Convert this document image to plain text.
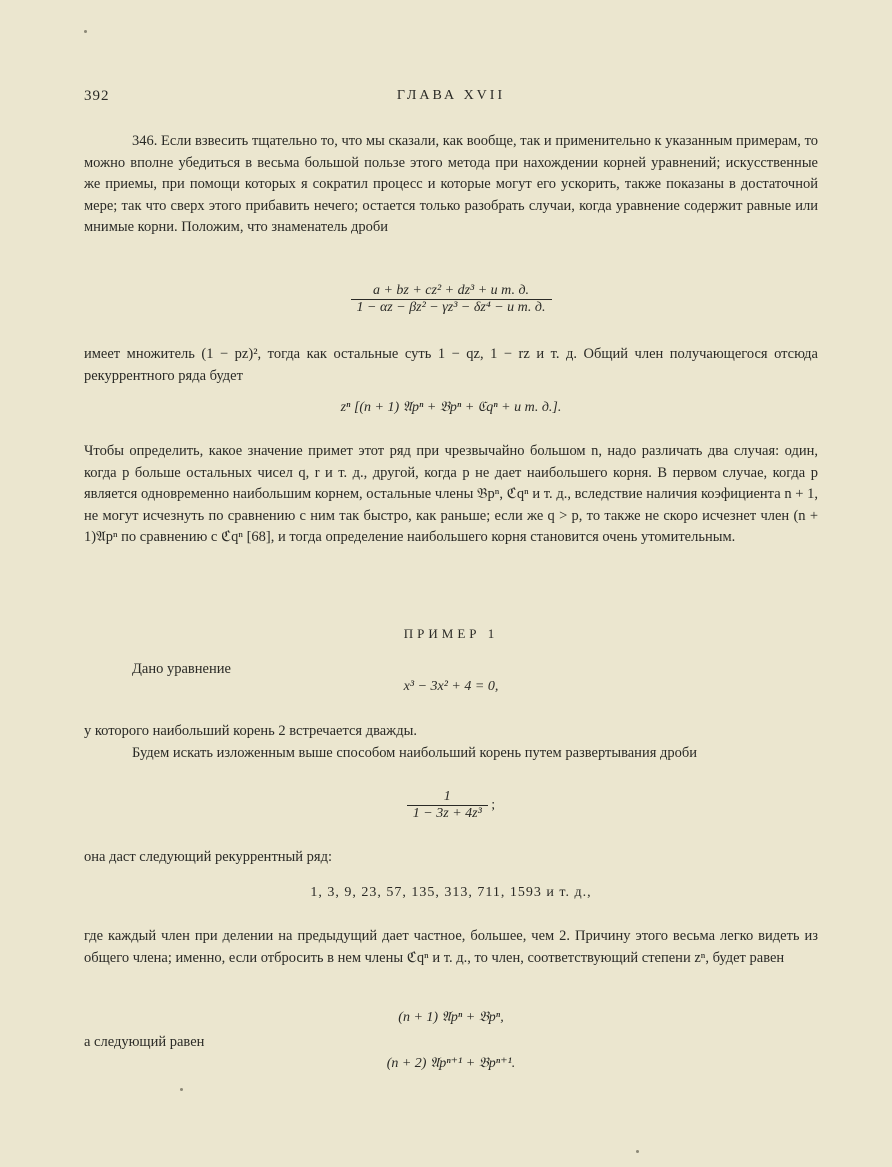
392	ГЛАВА XVII

346. Если взвесить тщательно то, что мы сказали, как вообще, так и применительно к указанным примерам, то можно вполне убедиться в весьма большой пользе этого метода при нахождении корней уравнений; искусственные же приемы, при помощи которых я сократил процесс и которые могут его ускорить, также показаны в достаточной мере; так что сверх этого прибавить нечего; остается только разобрать случаи, когда уравнение содержит равные или мнимые корни. Положим, что знаменатель дроби

$\frac{\text{a + bz + cz² + dz³ + и т. д.}}{\text{1 − αz − βz² − γz³ − δz⁴ − и т. д.}}$

имеет множитель (1 − pz)², тогда как остальные суть 1 − qz, 1 − rz и т. д. Общий член получающегося отсюда рекуррентного ряда будет

zⁿ [(n + 1) 𝔄pⁿ + 𝔅pⁿ + ℭqⁿ + и т. д.].

Чтобы определить, какое значение примет этот ряд при чрезвычайно большом n, надо различать два случая: один, когда p больше остальных чисел q, r и т. д., другой, когда p не дает наибольшего корня. В первом случае, когда p является одновременно наибольшим корнем, остальные члены 𝔅pⁿ, ℭqⁿ и т. д., вследствие наличия коэфициента n + 1, не могут исчезнуть по сравнению с ним так быстро, как раньше; если же q > p, то также не скоро исчезнет член (n + 1)𝔄pⁿ по сравнению с ℭqⁿ [68], и тогда определение наибольшего корня становится очень утомительным.

ПРИМЕР 1

Дано уравнение

x³ − 3x² + 4 = 0,

у которого наибольший корень 2 встречается дважды.

Будем искать изложенным выше способом наибольший корень путем развертывания дроби

$\frac{1}{\text{1 − 3z + 4z³}}$ ;

она даст следующий рекуррентный ряд:

1, 3, 9, 23, 57, 135, 313, 711, 1593 и т. д.,

где каждый член при делении на предыдущий дает частное, большее, чем 2. Причину этого весьма легко видеть из общего члена; именно, если отбросить в нем члены ℭqⁿ и т. д., то член, соответствующий степени zⁿ, будет равен

(n + 1) 𝔄pⁿ + 𝔅pⁿ,

а следующий равен

(n + 2) 𝔄pⁿ⁺¹ + 𝔅pⁿ⁺¹.
